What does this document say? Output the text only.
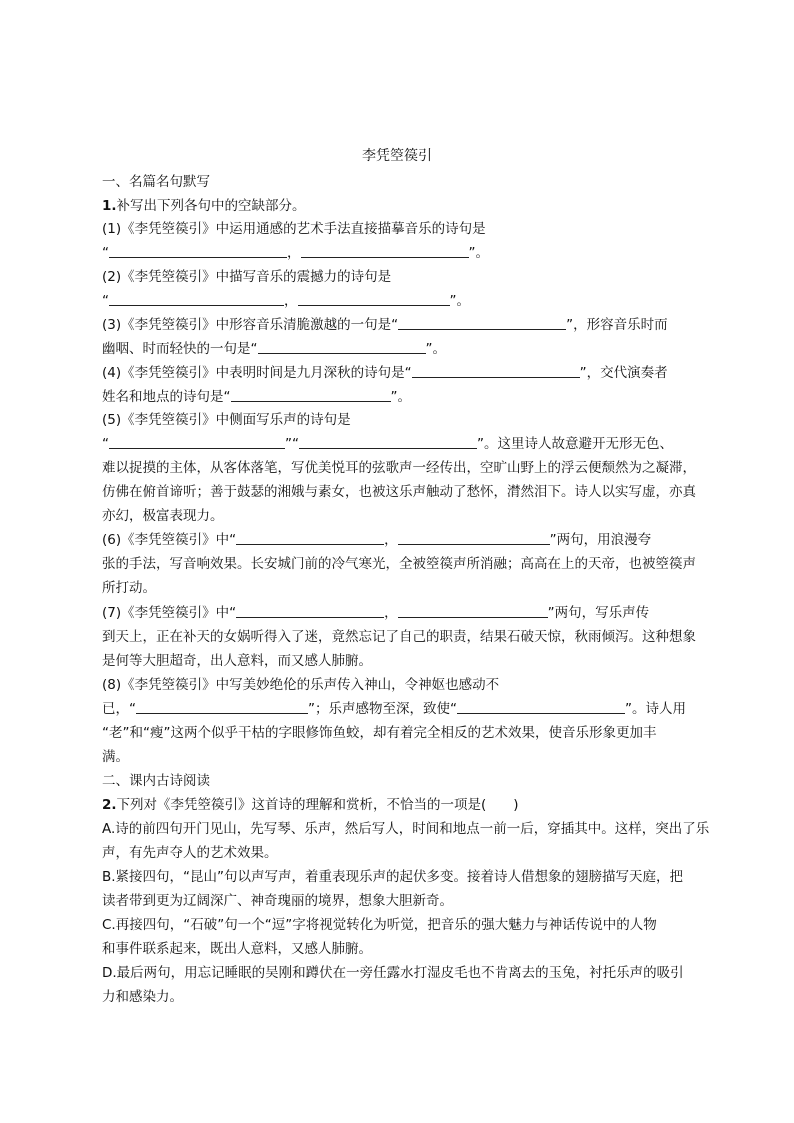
李凭箜篌引
一、名篇名句默写
1.补写出下列各句中的空缺部分。
(1)《李凭箜篌引》中运用通感的艺术手法直接描摹音乐的诗句是
“	，	”。
(2)《李凭箜篌引》中描写音乐的震撼力的诗句是
“	，	”。
(3)《李凭箜篌引》中形容音乐清脆激越的一句是“	”，形容音乐时而
幽咽、时而轻快的一句是“	”。
(4)《李凭箜篌引》中表明时间是九月深秋的诗句是“	”，交代演奏者
姓名和地点的诗句是“	”。
(5)《李凭箜篌引》中侧面写乐声的诗句是
“	”“	”。这里诗人故意避开无形无色、
难以捉摸的主体，从客体落笔，写优美悦耳的弦歌声一经传出，空旷山野上的浮云便颓然为之凝滞，
仿佛在俯首谛听；善于鼓瑟的湘娥与素女，也被这乐声触动了愁怀，潸然泪下。诗人以实写虚，亦真
亦幻，极富表现力。
(6)《李凭箜篌引》中“	，	”两句，用浪漫夸
张的手法，写音响效果。长安城门前的冷气寒光，全被箜篌声所消融；高高在上的天帝，也被箜篌声
所打动。
(7)《李凭箜篌引》中“	，	”两句，写乐声传
到天上，正在补天的女娲听得入了迷，竟然忘记了自己的职责，结果石破天惊，秋雨倾泻。这种想象
是何等大胆超奇，出人意料，而又感人肺腑。
(8)《李凭箜篌引》中写美妙绝伦的乐声传入神山，令神妪也感动不
已，“	”；乐声感物至深，致使“	”。诗人用
“老”和“瘦”这两个似乎干枯的字眼修饰鱼蛟，却有着完全相反的艺术效果，使音乐形象更加丰
满。
二、课内古诗阅读
2.下列对《李凭箜篌引》这首诗的理解和赏析，不恰当的一项是(　　)
A.诗的前四句开门见山，先写琴、乐声，然后写人，时间和地点一前一后，穿插其中。这样，突出了乐
声，有先声夺人的艺术效果。
B.紧接四句，“昆山”句以声写声，着重表现乐声的起伏多变。接着诗人借想象的翅膀描写天庭，把
读者带到更为辽阔深广、神奇瑰丽的境界，想象大胆新奇。
C.再接四句，“石破”句一个“逗”字将视觉转化为听觉，把音乐的强大魅力与神话传说中的人物
和事件联系起来，既出人意料，又感人肺腑。
D.最后两句，用忘记睡眠的吴刚和蹲伏在一旁任露水打湿皮毛也不肯离去的玉兔，衬托乐声的吸引
力和感染力。
